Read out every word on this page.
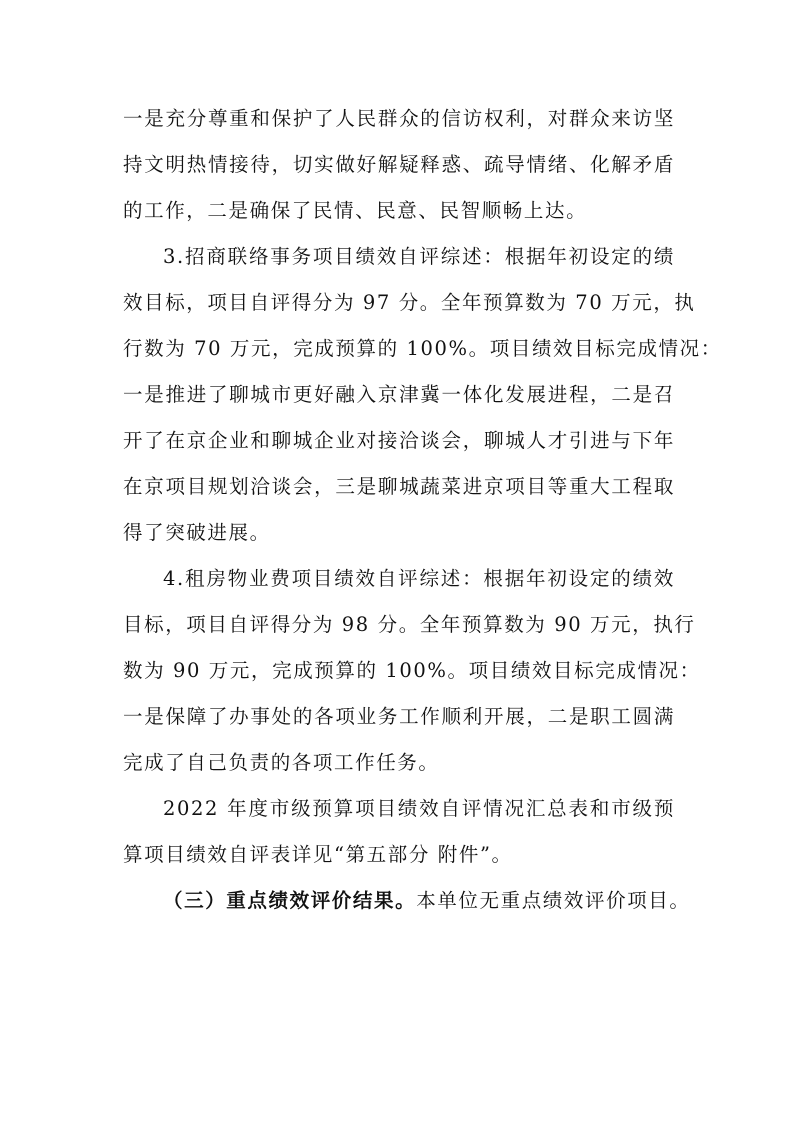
一是充分尊重和保护了人民群众的信访权利，对群众来访坚
持文明热情接待，切实做好解疑释惑、疏导情绪、化解矛盾
的工作，二是确保了民情、民意、民智顺畅上达。
3.招商联络事务项目绩效自评综述：根据年初设定的绩
效目标，项目自评得分为 97 分。全年预算数为 70 万元，执
行数为 70 万元，完成预算的 100%。项目绩效目标完成情况：
一是推进了聊城市更好融入京津冀一体化发展进程，二是召
开了在京企业和聊城企业对接洽谈会，聊城人才引进与下年
在京项目规划洽谈会，三是聊城蔬菜进京项目等重大工程取
得了突破进展。
4.租房物业费项目绩效自评综述：根据年初设定的绩效
目标，项目自评得分为 98 分。全年预算数为 90 万元，执行
数为 90 万元，完成预算的 100%。项目绩效目标完成情况：
一是保障了办事处的各项业务工作顺利开展，二是职工圆满
完成了自己负责的各项工作任务。
2022 年度市级预算项目绩效自评情况汇总表和市级预
算项目绩效自评表详见“第五部分 附件”。
（三）重点绩效评价结果。本单位无重点绩效评价项目。
